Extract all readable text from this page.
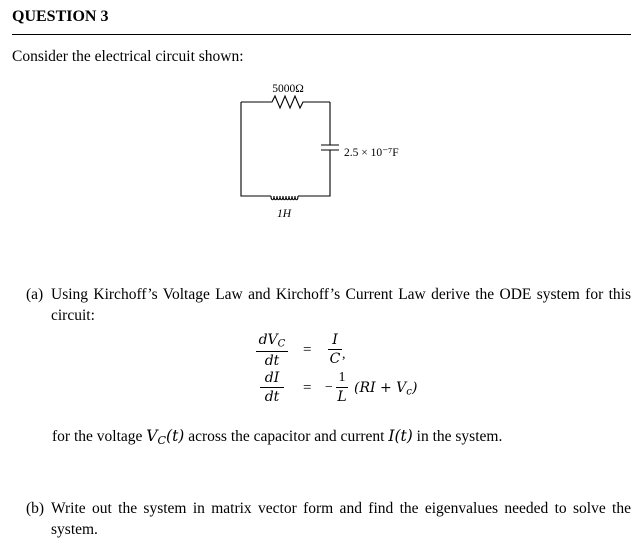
QUESTION 3
Consider the electrical circuit shown:
5000Ω
2.5 × 10⁻⁷F
1H
(a) Using Kirchoff’s Voltage Law and Kirchoff’s Current Law derive the ODE system for this circuit:
$dV_C$
dt
=
I
C ,
dI
dt
= −
1
L
$(RI + V_c)$
for the voltage $V_C(t)$ across the capacitor and current I(t) in the system.
(b) Write out the system in matrix vector form and find the eigenvalues needed to solve the system.
